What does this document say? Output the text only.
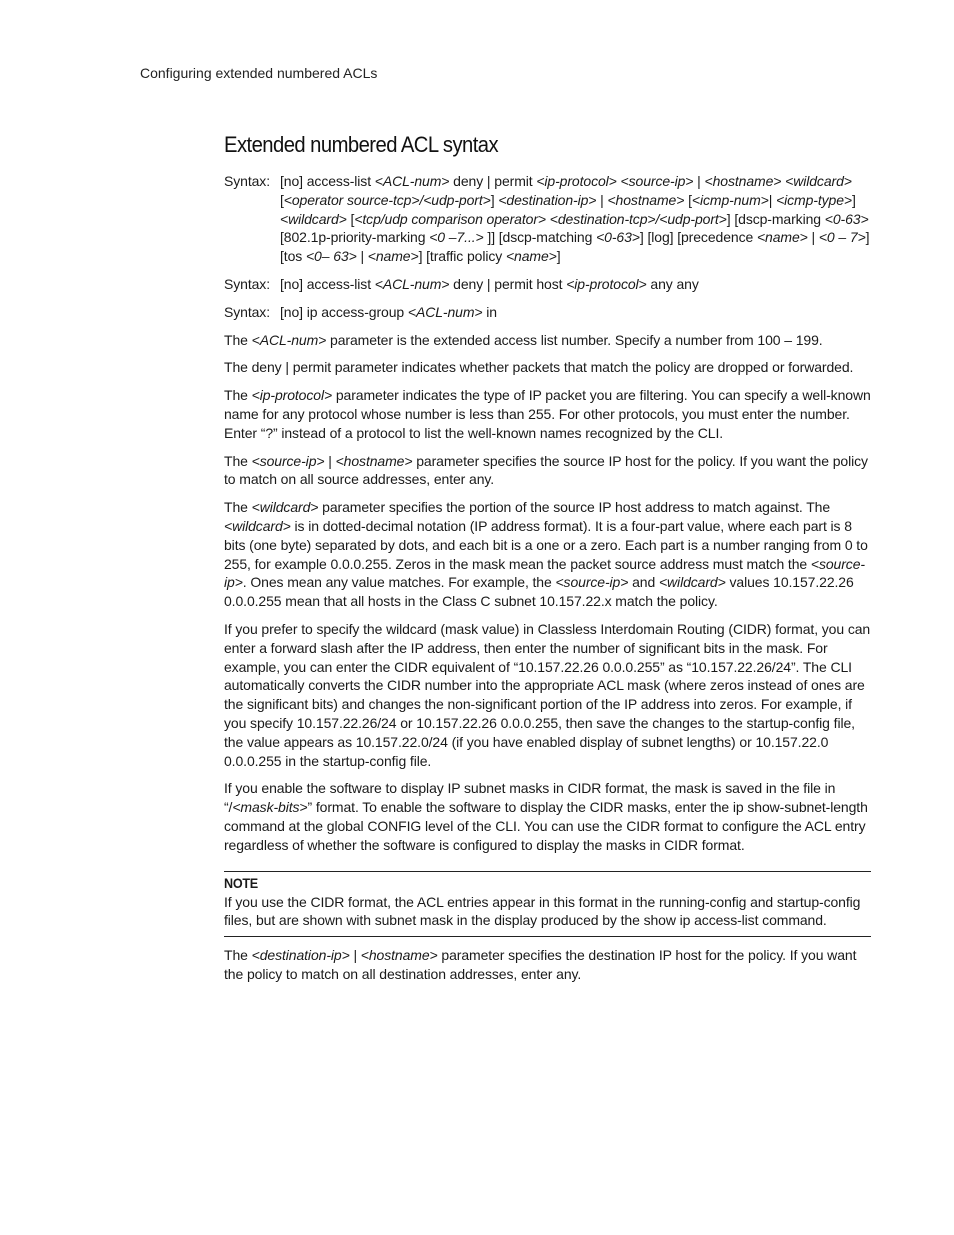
Configuring extended numbered ACLs
Extended numbered ACL syntax
Syntax: [no] access-list <ACL-num> deny | permit <ip-protocol> <source-ip> | <hostname> <wildcard> [<operator source-tcp>/<udp-port>] <destination-ip> | <hostname> [<icmp-num>| <icmp-type>] <wildcard> [<tcp/udp comparison operator> <destination-tcp>/<udp-port>] [dscp-marking <0-63> [802.1p-priority-marking <0 –7...> ]] [dscp-matching <0-63>] [log] [precedence <name> | <0 – 7>] [tos <0– 63> | <name>] [traffic policy <name>]
Syntax: [no] access-list <ACL-num> deny | permit host <ip-protocol> any any
Syntax: [no] ip access-group <ACL-num> in

The <ACL-num> parameter is the extended access list number. Specify a number from 100 – 199.

The deny | permit parameter indicates whether packets that match the policy are dropped or forwarded.

The <ip-protocol> parameter indicates the type of IP packet you are filtering. You can specify a well-known name for any protocol whose number is less than 255. For other protocols, you must enter the number. Enter “?” instead of a protocol to list the well-known names recognized by the CLI.

The <source-ip> | <hostname> parameter specifies the source IP host for the policy. If you want the policy to match on all source addresses, enter any.

The <wildcard> parameter specifies the portion of the source IP host address to match against. The <wildcard> is in dotted-decimal notation (IP address format). It is a four-part value, where each part is 8 bits (one byte) separated by dots, and each bit is a one or a zero. Each part is a number ranging from 0 to 255, for example 0.0.0.255. Zeros in the mask mean the packet source address must match the <source-ip>. Ones mean any value matches. For example, the <source-ip> and <wildcard> values 10.157.22.26 0.0.0.255 mean that all hosts in the Class C subnet 10.157.22.x match the policy.

If you prefer to specify the wildcard (mask value) in Classless Interdomain Routing (CIDR) format, you can enter a forward slash after the IP address, then enter the number of significant bits in the mask. For example, you can enter the CIDR equivalent of “10.157.22.26 0.0.0.255” as “10.157.22.26/24”. The CLI automatically converts the CIDR number into the appropriate ACL mask (where zeros instead of ones are the significant bits) and changes the non-significant portion of the IP address into zeros. For example, if you specify 10.157.22.26/24 or 10.157.22.26 0.0.0.255, then save the changes to the startup-config file, the value appears as 10.157.22.0/24 (if you have enabled display of subnet lengths) or 10.157.22.0 0.0.0.255 in the startup-config file.

If you enable the software to display IP subnet masks in CIDR format, the mask is saved in the file in “/<mask-bits>” format. To enable the software to display the CIDR masks, enter the ip show-subnet-length command at the global CONFIG level of the CLI. You can use the CIDR format to configure the ACL entry regardless of whether the software is configured to display the masks in CIDR format.

NOTE

If you use the CIDR format, the ACL entries appear in this format in the running-config and startup-config files, but are shown with subnet mask in the display produced by the show ip access-list command.

The <destination-ip> | <hostname> parameter specifies the destination IP host for the policy. If you want the policy to match on all destination addresses, enter any.
